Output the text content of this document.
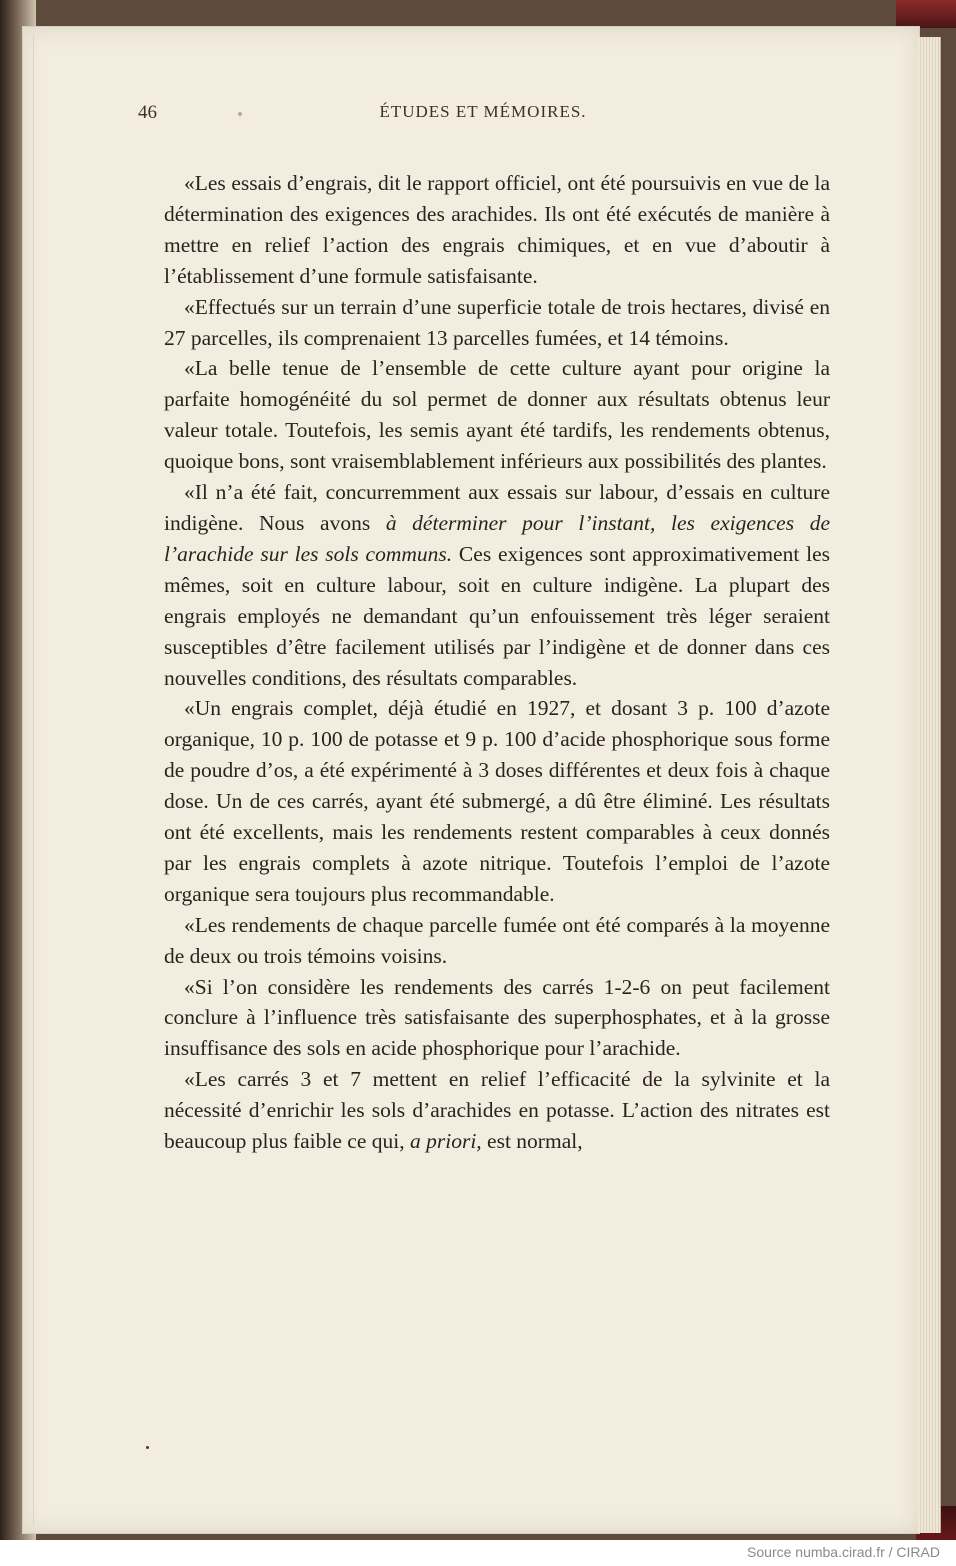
46	ÉTUDES ET MÉMOIRES.

«Les essais d’engrais, dit le rapport officiel, ont été poursuivis en vue de la détermination des exigences des arachides. Ils ont été exécutés de manière à mettre en relief l’action des engrais chimiques, et en vue d’aboutir à l’établissement d’une formule satisfaisante.

«Effectués sur un terrain d’une superficie totale de trois hectares, divisé en 27 parcelles, ils comprenaient 13 parcelles fumées, et 14 témoins.

«La belle tenue de l’ensemble de cette culture ayant pour origine la parfaite homogénéité du sol permet de donner aux résultats obtenus leur valeur totale. Toutefois, les semis ayant été tardifs, les rendements obtenus, quoique bons, sont vraisemblablement inférieurs aux possibilités des plantes.

«Il n’a été fait, concurremment aux essais sur labour, d’essais en culture indigène. Nous avons à déterminer pour l’instant, les exigences de l’arachide sur les sols communs. Ces exigences sont approximativement les mêmes, soit en culture labour, soit en culture indigène. La plupart des engrais employés ne demandant qu’un enfouissement très léger seraient susceptibles d’être facilement utilisés par l’indigène et de donner dans ces nouvelles conditions, des résultats comparables.

«Un engrais complet, déjà étudié en 1927, et dosant 3 p. 100 d’azote organique, 10 p. 100 de potasse et 9 p. 100 d’acide phosphorique sous forme de poudre d’os, a été expérimenté à 3 doses différentes et deux fois à chaque dose. Un de ces carrés, ayant été submergé, a dû être éliminé. Les résultats ont été excellents, mais les rendements restent comparables à ceux donnés par les engrais complets à azote nitrique. Toutefois l’emploi de l’azote organique sera toujours plus recommandable.

«Les rendements de chaque parcelle fumée ont été comparés à la moyenne de deux ou trois témoins voisins.

«Si l’on considère les rendements des carrés 1-2-6 on peut facilement conclure à l’influence très satisfaisante des superphosphates, et à la grosse insuffisance des sols en acide phosphorique pour l’arachide.

«Les carrés 3 et 7 mettent en relief l’efficacité de la sylvinite et la nécessité d’enrichir les sols d’arachides en potasse. L’action des nitrates est beaucoup plus faible ce qui, a priori, est normal,

Source numba.cirad.fr / CIRAD
